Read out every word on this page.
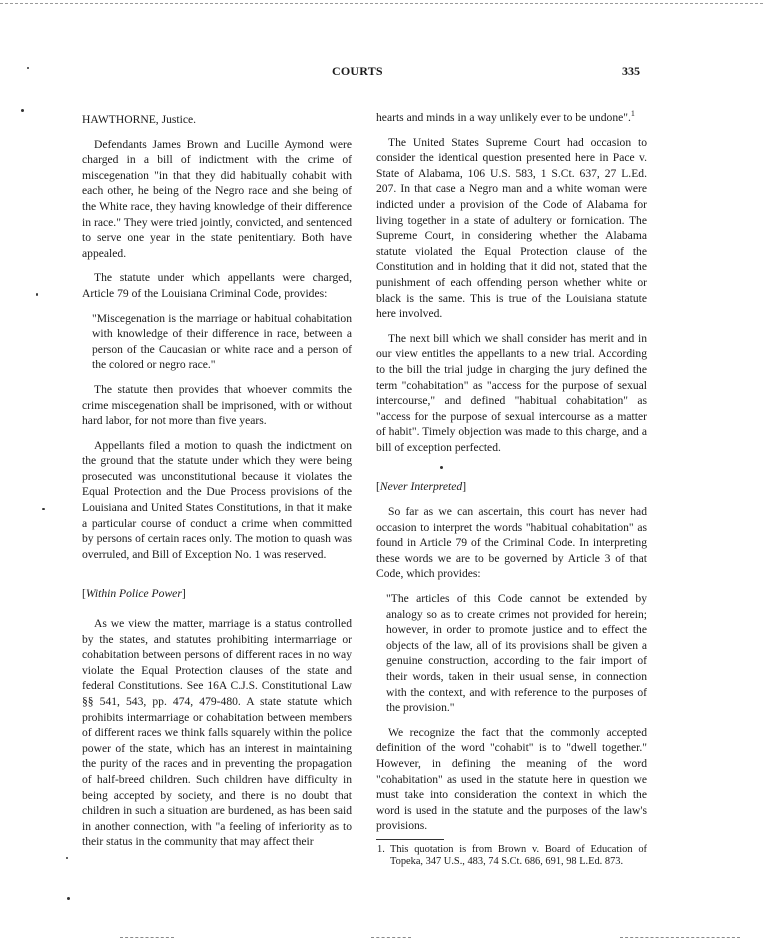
COURTS	335

HAWTHORNE, Justice.

Defendants James Brown and Lucille Aymond were charged in a bill of indictment with the crime of miscegenation "in that they did habitually cohabit with each other, he being of the Negro race and she being of the White race, they having knowledge of their difference in race." They were tried jointly, convicted, and sentenced to serve one year in the state penitentiary. Both have appealed.

The statute under which appellants were charged, Article 79 of the Louisiana Criminal Code, provides:

"Miscegenation is the marriage or habitual cohabitation with knowledge of their difference in race, between a person of the Caucasian or white race and a person of the colored or negro race."

The statute then provides that whoever commits the crime miscegenation shall be imprisoned, with or without hard labor, for not more than five years.

Appellants filed a motion to quash the indictment on the ground that the statute under which they were being prosecuted was unconstitutional because it violates the Equal Protection and the Due Process provisions of the Louisiana and United States Constitutions, in that it make a particular course of conduct a crime when committed by persons of certain races only. The motion to quash was overruled, and Bill of Exception No. 1 was reserved.

[Within Police Power]

As we view the matter, marriage is a status controlled by the states, and statutes prohibiting intermarriage or cohabitation between persons of different races in no way violate the Equal Protection clauses of the state and federal Constitutions. See 16A C.J.S. Constitutional Law §§ 541, 543, pp. 474, 479-480. A state statute which prohibits intermarriage or cohabitation between members of different races we think falls squarely within the police power of the state, which has an interest in maintaining the purity of the races and in preventing the propagation of half-breed children. Such children have difficulty in being accepted by society, and there is no doubt that children in such a situation are burdened, as has been said in another connection, with "a feeling of inferiority as to their status in the community that may affect their

hearts and minds in a way unlikely ever to be undone".$^1$

The United States Supreme Court had occasion to consider the identical question presented here in Pace v. State of Alabama, 106 U.S. 583, 1 S.Ct. 637, 27 L.Ed. 207. In that case a Negro man and a white woman were indicted under a provision of the Code of Alabama for living together in a state of adultery or fornication. The Supreme Court, in considering whether the Alabama statute violated the Equal Protection clause of the Constitution and in holding that it did not, stated that the punishment of each offending person whether white or black is the same. This is true of the Louisiana statute here involved.

The next bill which we shall consider has merit and in our view entitles the appellants to a new trial. According to the bill the trial judge in charging the jury defined the term "cohabitation" as "access for the purpose of sexual intercourse," and defined "habitual cohabitation" as "access for the purpose of sexual intercourse as a matter of habit". Timely objection was made to this charge, and a bill of exception perfected.

[Never Interpreted]

So far as we can ascertain, this court has never had occasion to interpret the words "habitual cohabitation" as found in Article 79 of the Criminal Code. In interpreting these words we are to be governed by Article 3 of that Code, which provides:

"The articles of this Code cannot be extended by analogy so as to create crimes not provided for herein; however, in order to promote justice and to effect the objects of the law, all of its provisions shall be given a genuine construction, according to the fair import of their words, taken in their usual sense, in connection with the context, and with reference to the purposes of the provision."

We recognize the fact that the commonly accepted definition of the word "cohabit" is to "dwell together." However, in defining the meaning of the word "cohabitation" as used in the statute here in question we must take into consideration the context in which the word is used in the statute and the purposes of the law's provisions.

1. This quotation is from Brown v. Board of Education of Topeka, 347 U.S., 483, 74 S.Ct. 686, 691, 98 L.Ed. 873.
